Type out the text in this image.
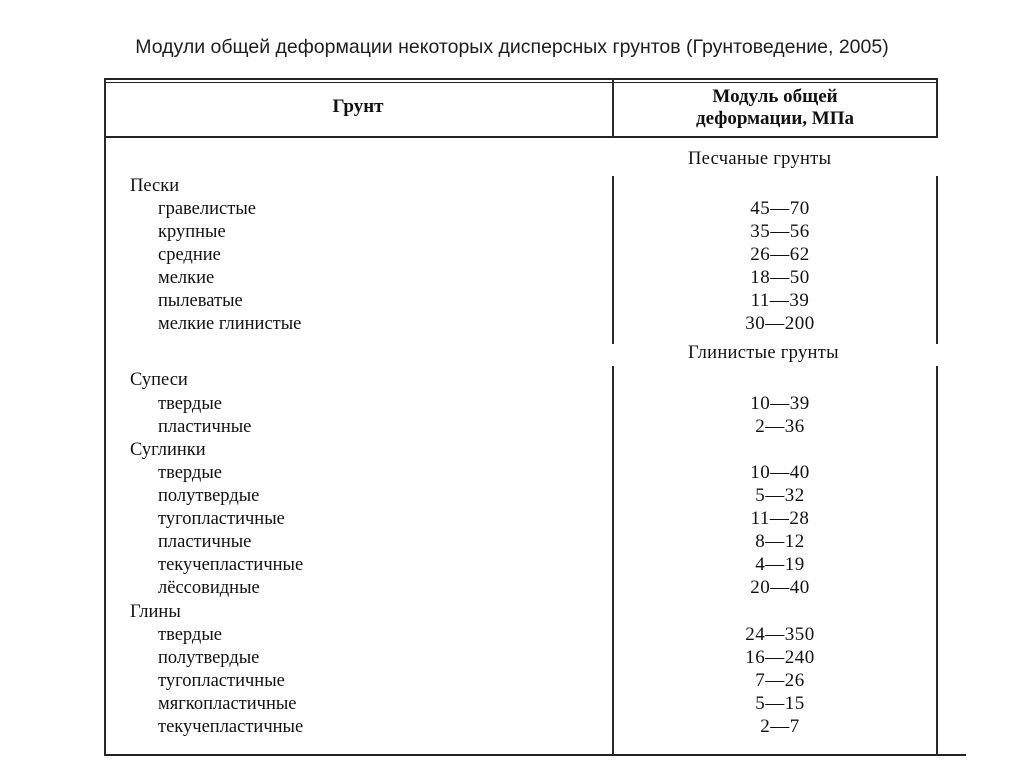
Модули общей деформации некоторых дисперсных грунтов (Грунтоведение, 2005)
Грунт	Модуль общей
деформации, МПа
Песчаные грунты
Глинистые грунты
Пески
Супеси
Суглинки
Глины
гравелистые
крупные
средние
мелкие
пылеватые
мелкие глинистые
твердые
пластичные
твердые
полутвердые
тугопластичные
пластичные
текучепластичные
лёссовидные
твердые
полутвердые
тугопластичные
мягкопластичные
текучепластичные
45—70
35—56
26—62
18—50
11—39
30—200
10—39
2—36
10—40
5—32
11—28
8—12
4—19
20—40
24—350
16—240
7—26
5—15
2—7
